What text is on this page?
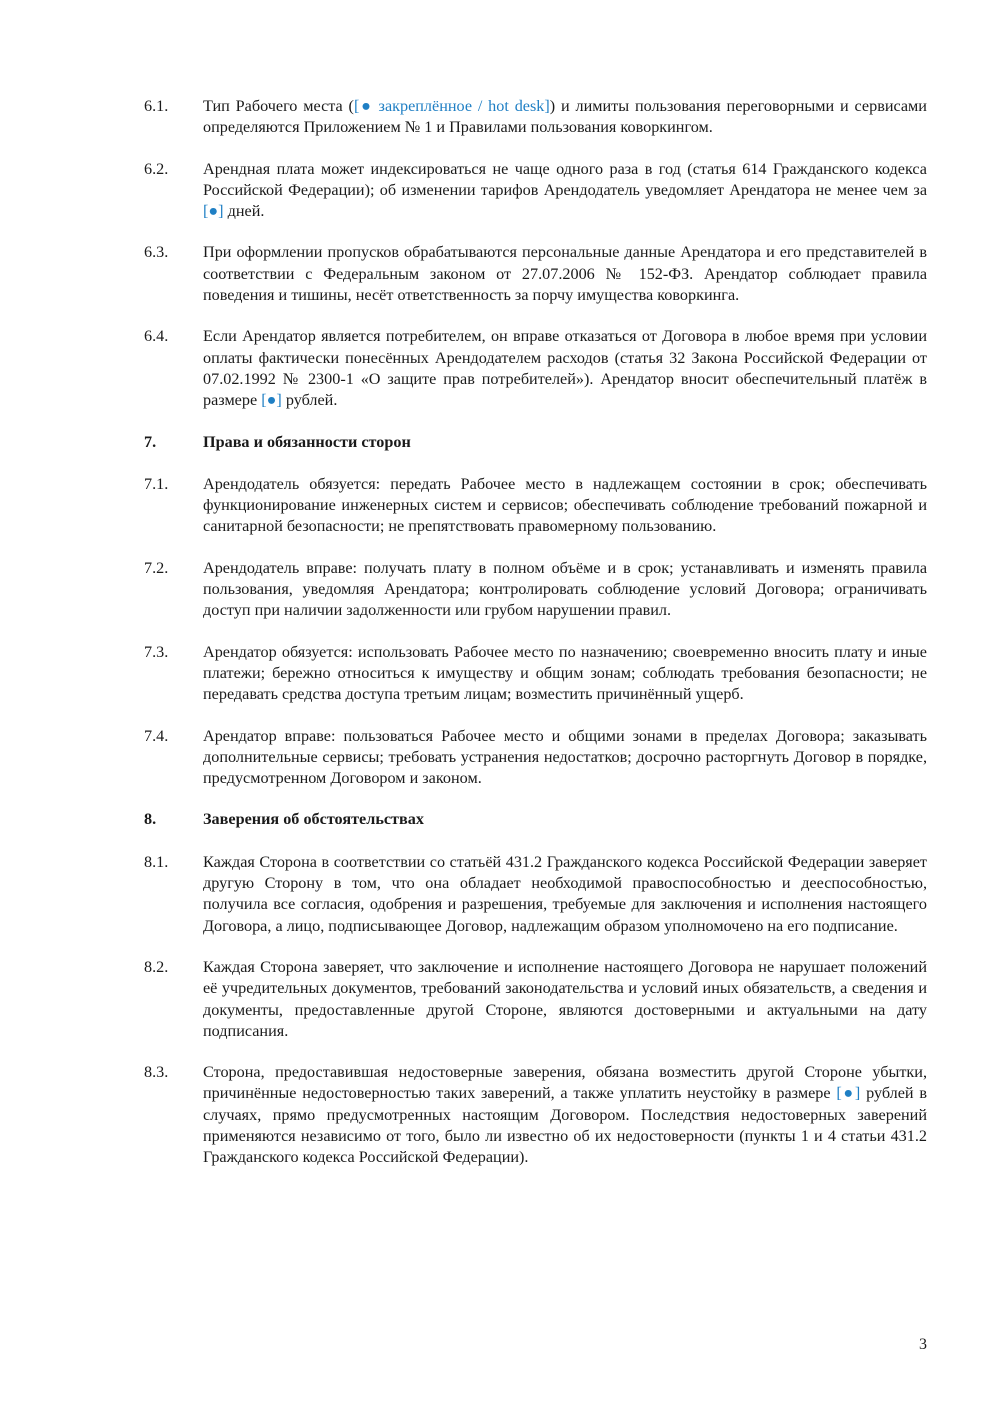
6.1.	Тип Рабочего места ([● закреплённое / hot desk]) и лимиты пользования переговорными и сервисами определяются Приложением № 1 и Правилами пользования коворкингом.
6.2.	Арендная плата может индексироваться не чаще одного раза в год (статья 614 Гражданского кодекса Российской Федерации); об изменении тарифов Арендодатель уведомляет Арендатора не менее чем за [●] дней.
6.3.	При оформлении пропусков обрабатываются персональные данные Арендатора и его представителей в соответствии с Федеральным законом от 27.07.2006 № 152-ФЗ. Арендатор соблюдает правила поведения и тишины, несёт ответственность за порчу имущества коворкинга.
6.4.	Если Арендатор является потребителем, он вправе отказаться от Договора в любое время при условии оплаты фактически понесённых Арендодателем расходов (статья 32 Закона Российской Федерации от 07.02.1992 № 2300-1 «О защите прав потребителей»). Арендатор вносит обеспечительный платёж в размере [●] рублей.
7.	Права и обязанности сторон
7.1.	Арендодатель обязуется: передать Рабочее место в надлежащем состоянии в срок; обеспечивать функционирование инженерных систем и сервисов; обеспечивать соблюдение требований пожарной и санитарной безопасности; не препятствовать правомерному пользованию.
7.2.	Арендодатель вправе: получать плату в полном объёме и в срок; устанавливать и изменять правила пользования, уведомляя Арендатора; контролировать соблюдение условий Договора; ограничивать доступ при наличии задолженности или грубом нарушении правил.
7.3.	Арендатор обязуется: использовать Рабочее место по назначению; своевременно вносить плату и иные платежи; бережно относиться к имуществу и общим зонам; соблюдать требования безопасности; не передавать средства доступа третьим лицам; возместить причинённый ущерб.
7.4.	Арендатор вправе: пользоваться Рабочее место и общими зонами в пределах Договора; заказывать дополнительные сервисы; требовать устранения недостатков; досрочно расторгнуть Договор в порядке, предусмотренном Договором и законом.
8.	Заверения об обстоятельствах
8.1.	Каждая Сторона в соответствии со статьёй 431.2 Гражданского кодекса Российской Федерации заверяет другую Сторону в том, что она обладает необходимой правоспособностью и дееспособностью, получила все согласия, одобрения и разрешения, требуемые для заключения и исполнения настоящего Договора, а лицо, подписывающее Договор, надлежащим образом уполномочено на его подписание.
8.2.	Каждая Сторона заверяет, что заключение и исполнение настоящего Договора не нарушает положений её учредительных документов, требований законодательства и условий иных обязательств, а сведения и документы, предоставленные другой Стороне, являются достоверными и актуальными на дату подписания.
8.3.	Сторона, предоставившая недостоверные заверения, обязана возместить другой Стороне убытки, причинённые недостоверностью таких заверений, а также уплатить неустойку в размере [●] рублей в случаях, прямо предусмотренных настоящим Договором. Последствия недостоверных заверений применяются независимо от того, было ли известно об их недостоверности (пункты 1 и 4 статьи 431.2 Гражданского кодекса Российской Федерации).
3
